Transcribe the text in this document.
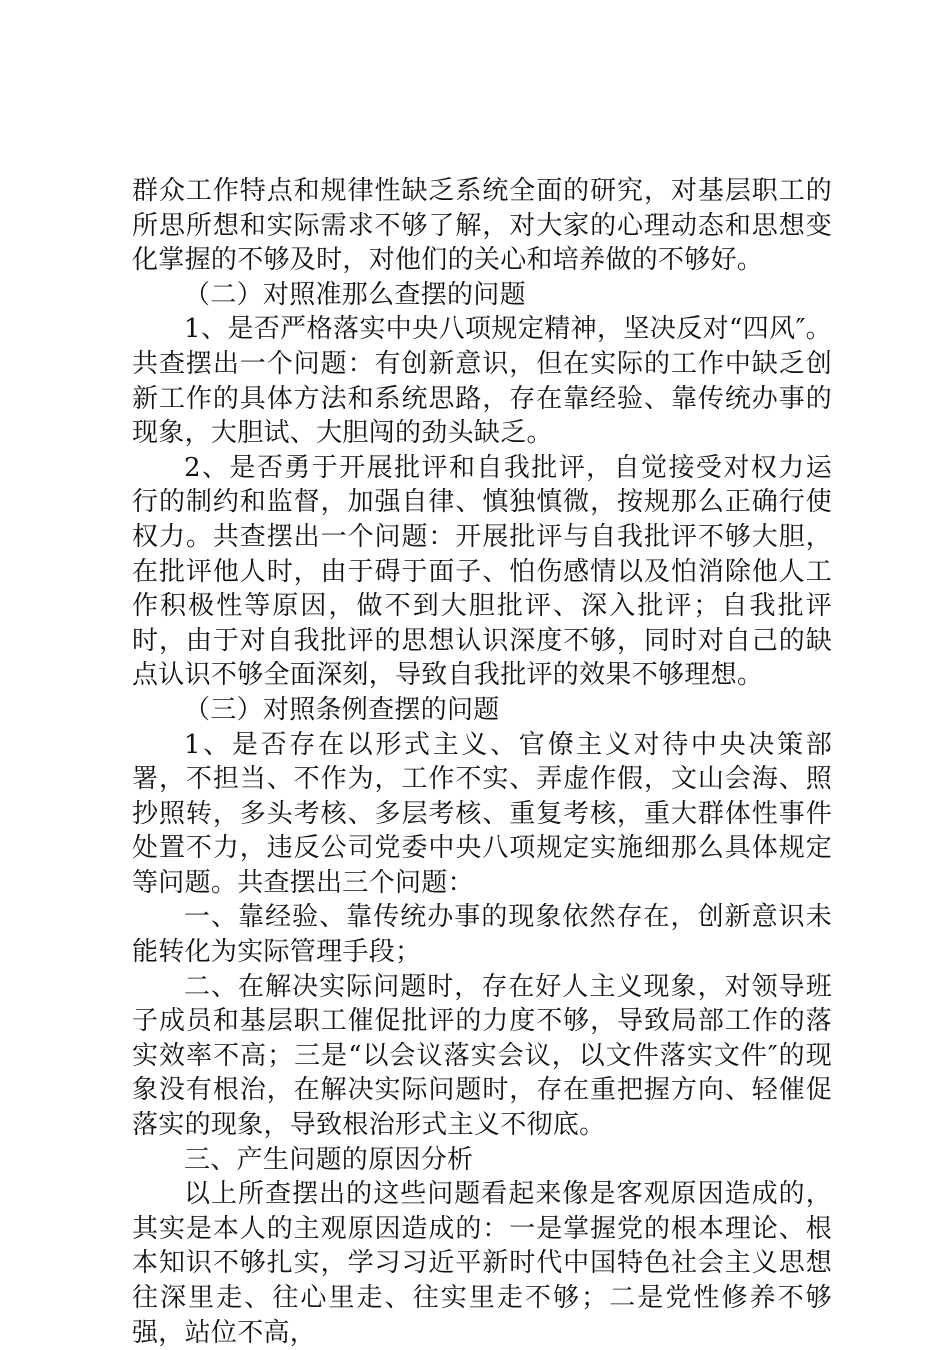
群众工作特点和规律性缺乏系统全面的研究，对基层职工的所思所想和实际需求不够了解，对大家的心理动态和思想变化掌握的不够及时，对他们的关心和培养做的不够好。

（二）对照准那么查摆的问题

1、是否严格落实中央八项规定精神，坚决反对“四风″。共查摆出一个问题：有创新意识，但在实际的工作中缺乏创新工作的具体方法和系统思路，存在靠经验、靠传统办事的现象，大胆试、大胆闯的劲头缺乏。

2、是否勇于开展批评和自我批评，自觉接受对权力运行的制约和监督，加强自律、慎独慎微，按规那么正确行使权力。共查摆出一个问题：开展批评与自我批评不够大胆，在批评他人时，由于碍于面子、怕伤感情以及怕消除他人工作积极性等原因，做不到大胆批评、深入批评；自我批评时，由于对自我批评的思想认识深度不够，同时对自己的缺点认识不够全面深刻，导致自我批评的效果不够理想。

（三）对照条例查摆的问题

1、是否存在以形式主义、官僚主义对待中央决策部署，不担当、不作为，工作不实、弄虚作假，文山会海、照抄照转，多头考核、多层考核、重复考核，重大群体性事件处置不力，违反公司党委中央八项规定实施细那么具体规定等问题。共查摆出三个问题：

一、靠经验、靠传统办事的现象依然存在，创新意识未能转化为实际管理手段；

二、在解决实际问题时，存在好人主义现象，对领导班子成员和基层职工催促批评的力度不够，导致局部工作的落实效率不高；三是“以会议落实会议，以文件落实文件″的现象没有根治，在解决实际问题时，存在重把握方向、轻催促落实的现象，导致根治形式主义不彻底。

三、产生问题的原因分析

以上所查摆出的这些问题看起来像是客观原因造成的，其实是本人的主观原因造成的：一是掌握党的根本理论、根本知识不够扎实，学习习近平新时代中国特色社会主义思想往深里走、往心里走、往实里走不够；二是党性修养不够强，站位不高，
